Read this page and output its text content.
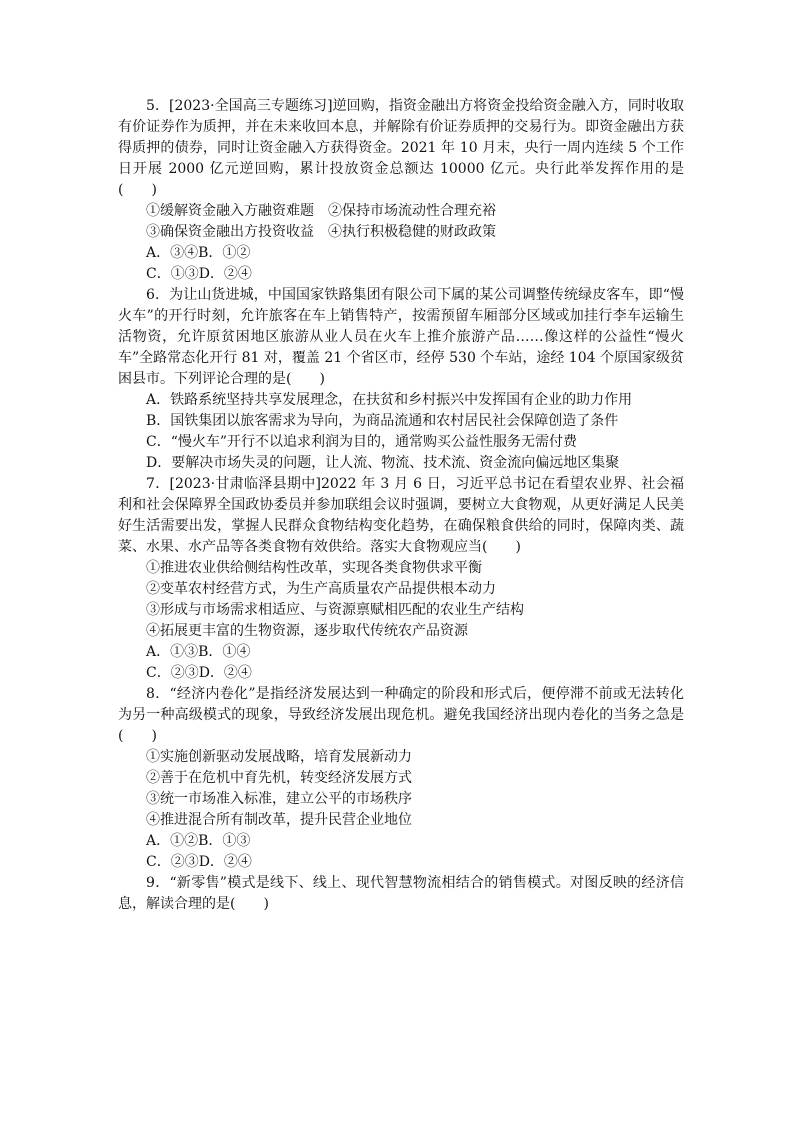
5．[2023·全国高三专题练习]逆回购，指资金融出方将资金投给资金融入方，同时收取有价证券作为质押，并在未来收回本息，并解除有价证券质押的交易行为。即资金融出方获得质押的债券，同时让资金融入方获得资金。2021 年 10 月末，央行一周内连续 5 个工作日开展 2000 亿元逆回购，累计投放资金总额达 10000 亿元。央行此举发挥作用的是(　　)

①缓解资金融入方融资难题　②保持市场流动性合理充裕

③确保资金融出方投资收益　④执行积极稳健的财政政策

A．③④B．①②

C．①③D．②④

6．为让山货进城，中国国家铁路集团有限公司下属的某公司调整传统绿皮客车，即“慢火车”的开行时刻，允许旅客在车上销售特产，按需预留车厢部分区域或加挂行李车运输生活物资，允许原贫困地区旅游从业人员在火车上推介旅游产品……像这样的公益性“慢火车”全路常态化开行 81 对，覆盖 21 个省区市，经停 530 个车站，途经 104 个原国家级贫困县市。下列评论合理的是(　　)

A．铁路系统坚持共享发展理念，在扶贫和乡村振兴中发挥国有企业的助力作用

B．国铁集团以旅客需求为导向，为商品流通和农村居民社会保障创造了条件

C．“慢火车”开行不以追求利润为目的，通常购买公益性服务无需付费

D．要解决市场失灵的问题，让人流、物流、技术流、资金流向偏远地区集聚

7．[2023·甘肃临泽县期中]2022 年 3 月 6 日，习近平总书记在看望农业界、社会福利和社会保障界全国政协委员并参加联组会议时强调，要树立大食物观，从更好满足人民美好生活需要出发，掌握人民群众食物结构变化趋势，在确保粮食供给的同时，保障肉类、蔬菜、水果、水产品等各类食物有效供给。落实大食物观应当(　　)

①推进农业供给侧结构性改革，实现各类食物供求平衡

②变革农村经营方式，为生产高质量农产品提供根本动力

③形成与市场需求相适应、与资源禀赋相匹配的农业生产结构

④拓展更丰富的生物资源，逐步取代传统农产品资源

A．①③B．①④

C．②③D．②④

8．“经济内卷化”是指经济发展达到一种确定的阶段和形式后，便停滞不前或无法转化为另一种高级模式的现象，导致经济发展出现危机。避免我国经济出现内卷化的当务之急是(　　)

①实施创新驱动发展战略，培育发展新动力

②善于在危机中育先机，转变经济发展方式

③统一市场准入标准，建立公平的市场秩序

④推进混合所有制改革，提升民营企业地位

A．①②B．①③

C．②③D．②④

9．“新零售”模式是线下、线上、现代智慧物流相结合的销售模式。对图反映的经济信息，解读合理的是(　　)
